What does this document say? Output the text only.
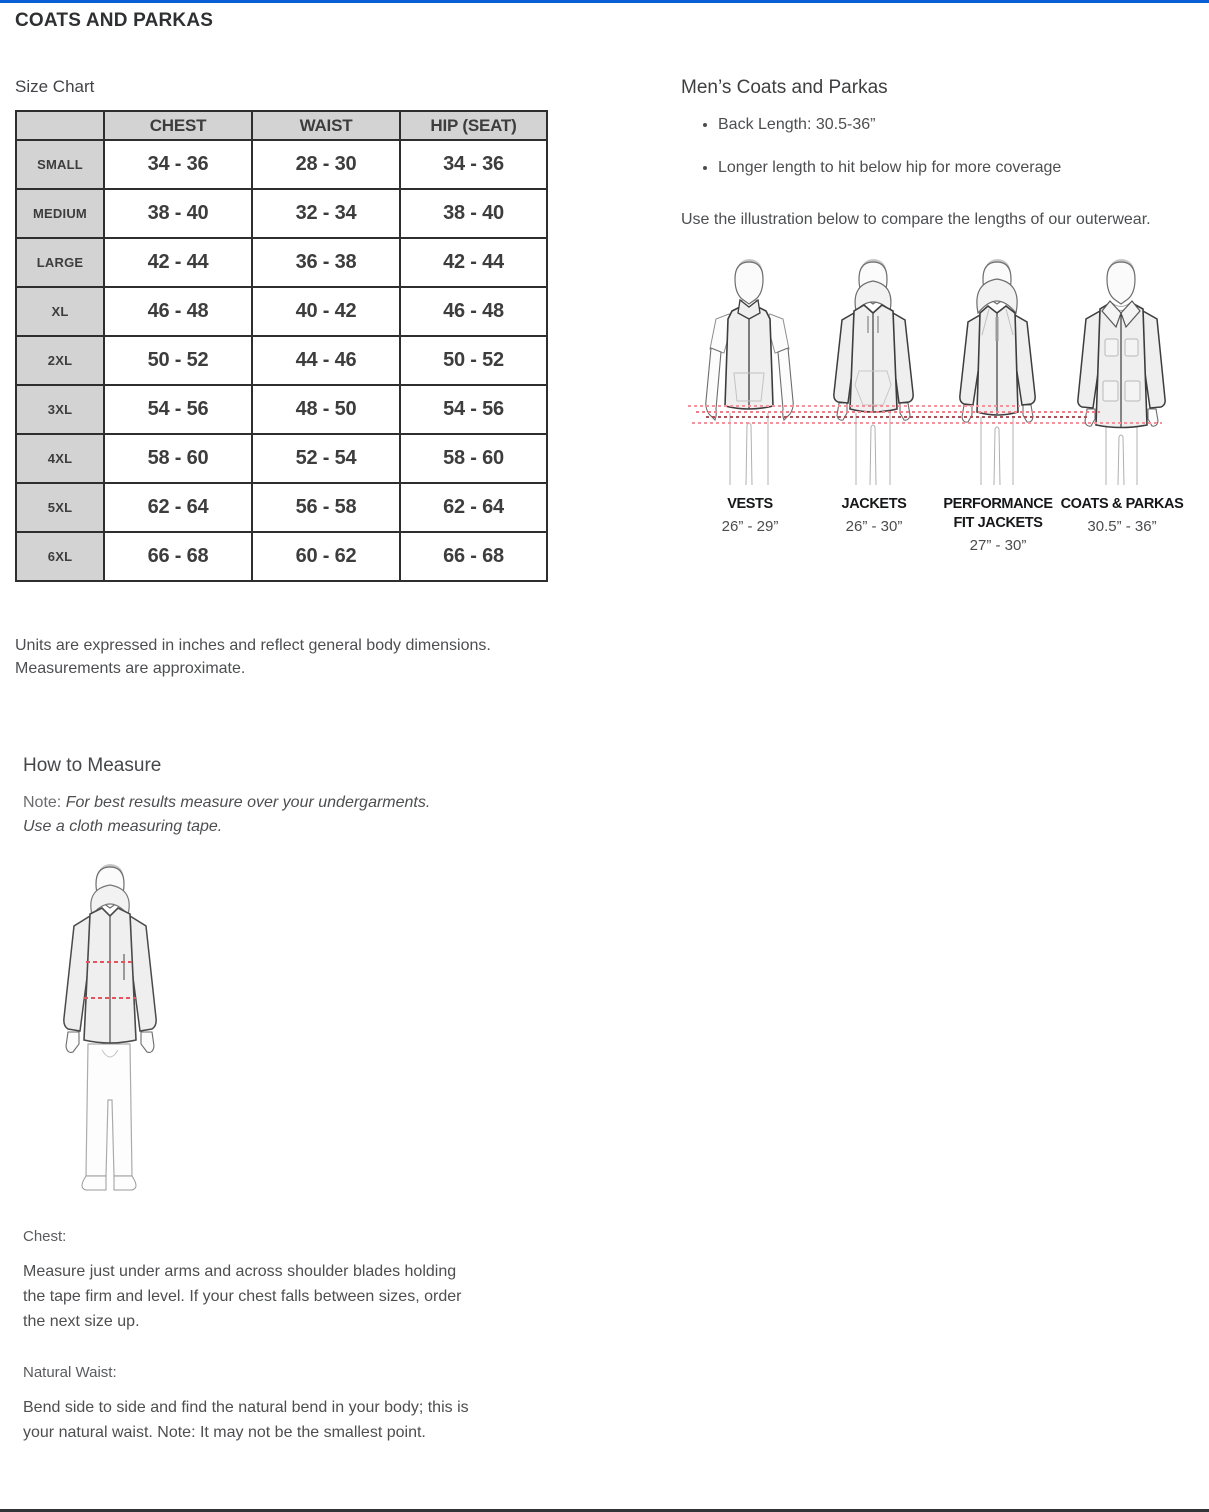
COATS AND PARKAS
Size Chart
	CHEST	WAIST	HIP (SEAT)
SMALL	34 - 36	28 - 30	34 - 36
MEDIUM	38 - 40	32 - 34	38 - 40
LARGE	42 - 44	36 - 38	42 - 44
XL	46 - 48	40 - 42	46 - 48
2XL	50 - 52	44 - 46	50 - 52
3XL	54 - 56	48 - 50	54 - 56
4XL	58 - 60	52 - 54	58 - 60
5XL	62 - 64	56 - 58	62 - 64
6XL	66 - 68	60 - 62	66 - 68

Units are expressed in inches and reflect general body dimensions. Measurements are approximate.

Men’s Coats and Parkas
• Back Length: 30.5-36”
• Longer length to hit below hip for more coverage

Use the illustration below to compare the lengths of our outerwear.

VESTS
26” - 29”
JACKETS
26” - 30”
PERFORMANCE FIT JACKETS
27” - 30”
COATS & PARKAS
30.5” - 36”
How to Measure

Note: For best results measure over your undergarments. Use a cloth measuring tape.

Chest:

Measure just under arms and across shoulder blades holding the tape firm and level. If your chest falls between sizes, order the next size up.

Natural Waist:

Bend side to side and find the natural bend in your body; this is your natural waist. Note: It may not be the smallest point.
